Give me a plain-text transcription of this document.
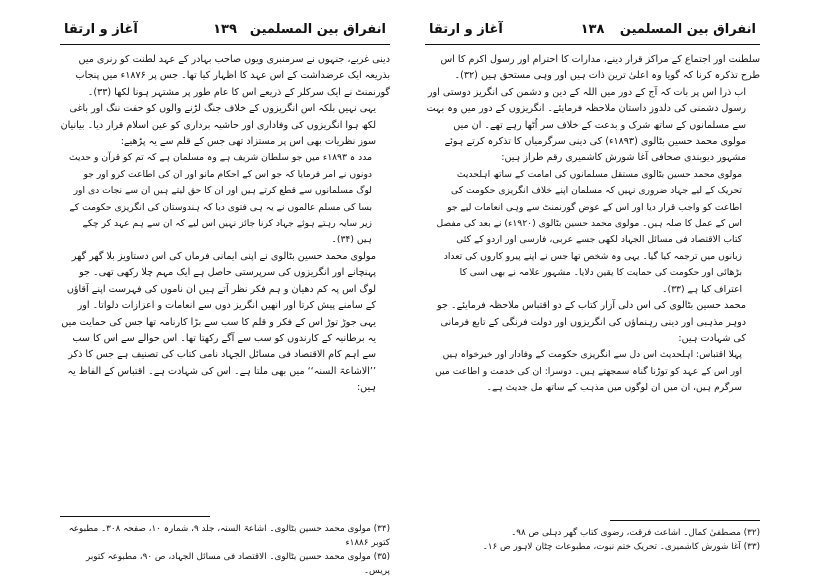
انفراق بین المسلمین
۱۳۹
آغاز و ارتقا

دینی غربے، جنہوں نے سرمنبری ویوں صاحب بہادر کے عہد لطنت کو رنری میں بذریعہ ایک عرضداشت کے اس عہد کا اظہار کیا تھا۔ جس پر ۱۸۷۶ء میں پنجاب گورنمنٹ نے ایک سرکلر کے ذریعے اس کا عام طور پر مشتہر ہونا لکھا (۳۳)۔

یہی نہیں بلکہ اس انگریزوں کے خلاف جنگ لڑنے والوں کو حفت ننگ اور باغی لکھ ہوا انگریزوں کی وفاداری اور حاشیہ برداری کو عین اسلام قرار دیا۔ بیانیان سوز نظریات بھی اس پر مستزاد تھی جس کے قلم سے یہ پڑھیے:

مدد ہ ۱۸۹۳ء میں جو سلطان شریف ہے وہ مسلمان ہے کہ تم کو قرآن و حدیث دونوں نے امر فرمایا کہ جو اس کے احکام مانو اور ان کی اطاعت کرو اور جو لوگ مسلمانوں سے قطع کرتے ہیں اور ان کا حق لیتے ہیں ان سے نجات دی اور بسا کی مسلم عالموں نے یہ ہی فتوی دیا کہ ہندوستان کی انگریزی حکومت کے زیر سایہ رہتے ہوئے جہاد کرنا جائز نہیں اس لیے کہ ان سے ہم عہد کر چکے ہیں (۳۴)۔

مولوی محمد حسین بٹالوی نے اپنی ایمانی فرماں کی اس دستاویز بلا گھر گھر پہنچانے اور انگریزوں کی سرپرستی حاصل ہے ایک مہم چلا رکھی تھی۔ جو لوگ اس پہ کم دھیان و ہم فکر نظر آتے ہیں ان ناموں کی فہرست اپنے آقاؤں کے سامنے پیش کرتا اور انھیں انگریز دوں سے انعامات و اعزازات دلواتا۔ اور یہی جوڑ توڑ اس کے فکر و قلم کا سب سے بڑا کارنامہ تھا جس کی حمایت میں یہ برطانیہ کے کارندوں کو سب سے آگے رکھتا تھا۔ اس حوالے سے اس کا سب سے اہم کام الاقتصاد فی مسائل الجہاد نامی کتاب کی تصنیف ہے جس کا ذکر ’’الاشاعۃ السنہ‘‘ میں بھی ملتا ہے۔ اس کی شہادت ہے۔ اقتباس کے الفاظ یہ ہیں:

(۳۴) مولوی محمد حسین بٹالوی۔ اشاعۃ السنہ، جلد ۹، شمارہ ۱۰، صفحہ ۳۰۸۔ مطبوعہ کتوبر ۱۸۸۶ء
(۳۵) مولوی محمد حسین بٹالوی۔ الاقتصاد فی مسائل الجہاد، ص ۹۰، مطبوعہ کتوبر پریس۔
انفراق بین المسلمین
۱۳۸
آغاز و ارتقا

سلطنت اور اجتماع کے مراکز قرار دینے، مدارات کا احترام اور رسول اکرم کا اس طرح تذکرہ کرنا کہ گویا وہ اعلیٰ ترین ذات ہیں اور وہی مستحق ہیں (۳۲)۔

اب ذرا اس پر بات کہ آج کے دور میں اللہ کے دین و دشمن کی انگریز دوستی اور رسول دشمنی کی دلدوز داستان ملاحظہ فرمایئے۔ انگریزوں کے دور میں وہ بہت سے مسلمانوں کے ساتھ شرک و بدعت کے خلاف سر اُٹھا رہے تھے۔ ان میں مولوی محمد حسین بٹالوی (۱۸۹۳ء) کی دینی سرگرمیاں کا تذکرہ کرتے ہوئے مشہور دیوبندی صحافی آغا شورش کاشمیری رقم طراز ہیں:

مولوی محمد حسین بٹالوی مستقل مسلمانوں کی امامت کے ساتھ اہلحدیث تحریک کے لیے جہاد ضروری نہیں کہ مسلمان اپنے خلاف انگریزی حکومت کی اطاعت کو واجب قرار دیا اور اس کے عوض گورنمنٹ سے وہی انعامات لیے جو اس کے عمل کا صلہ ہیں۔ مولوی محمد حسین بٹالوی (۱۹۲۰ء) نے بعد کی مفصل کتاب الاقتصاد فی مسائل الجہاد لکھی جسے عربی، فارسی اور اردو کے کئی زبانوں میں ترجمہ کیا گیا۔ یہی وہ شخص تھا جس نے اپنے پیرو کاروں کی تعداد بڑھائی اور حکومت کی حمایت کا یقین دلایا۔ مشہور علامہ نے بھی اسی کا اعتراف کیا ہے (۳۳)۔

محمد حسین بٹالوی کی اس دلی آزار کتاب کے دو اقتباس ملاحظہ فرمایئے۔ جو دوہر مذہبی اور دینی رہنماؤں کی انگریزوں اور دولت فرنگی کے تابع فرمانی کی شہادت ہیں:

پہلا اقتباس: اہلحدیث اس دل سے انگریزی حکومت کے وفادار اور خیرخواہ ہیں اور اس کے عہد کو توڑنا گناہ سمجھتے ہیں۔ دوسرا: ان کی خدمت و اطاعت میں سرگرم ہیں، ان میں ان لوگوں میں مذہب کے ساتھ مل جدیث ہے۔

(۳۲) مصطفیٰ کمال۔ اشاعت فرقت، رضوی کتاب گھر دہلی ص ۹۸۔
(۳۳) آغا شورش کاشمیری۔ تحریک ختم نبوت، مطبوعات چٹان لاہور ص ۱۶۔
